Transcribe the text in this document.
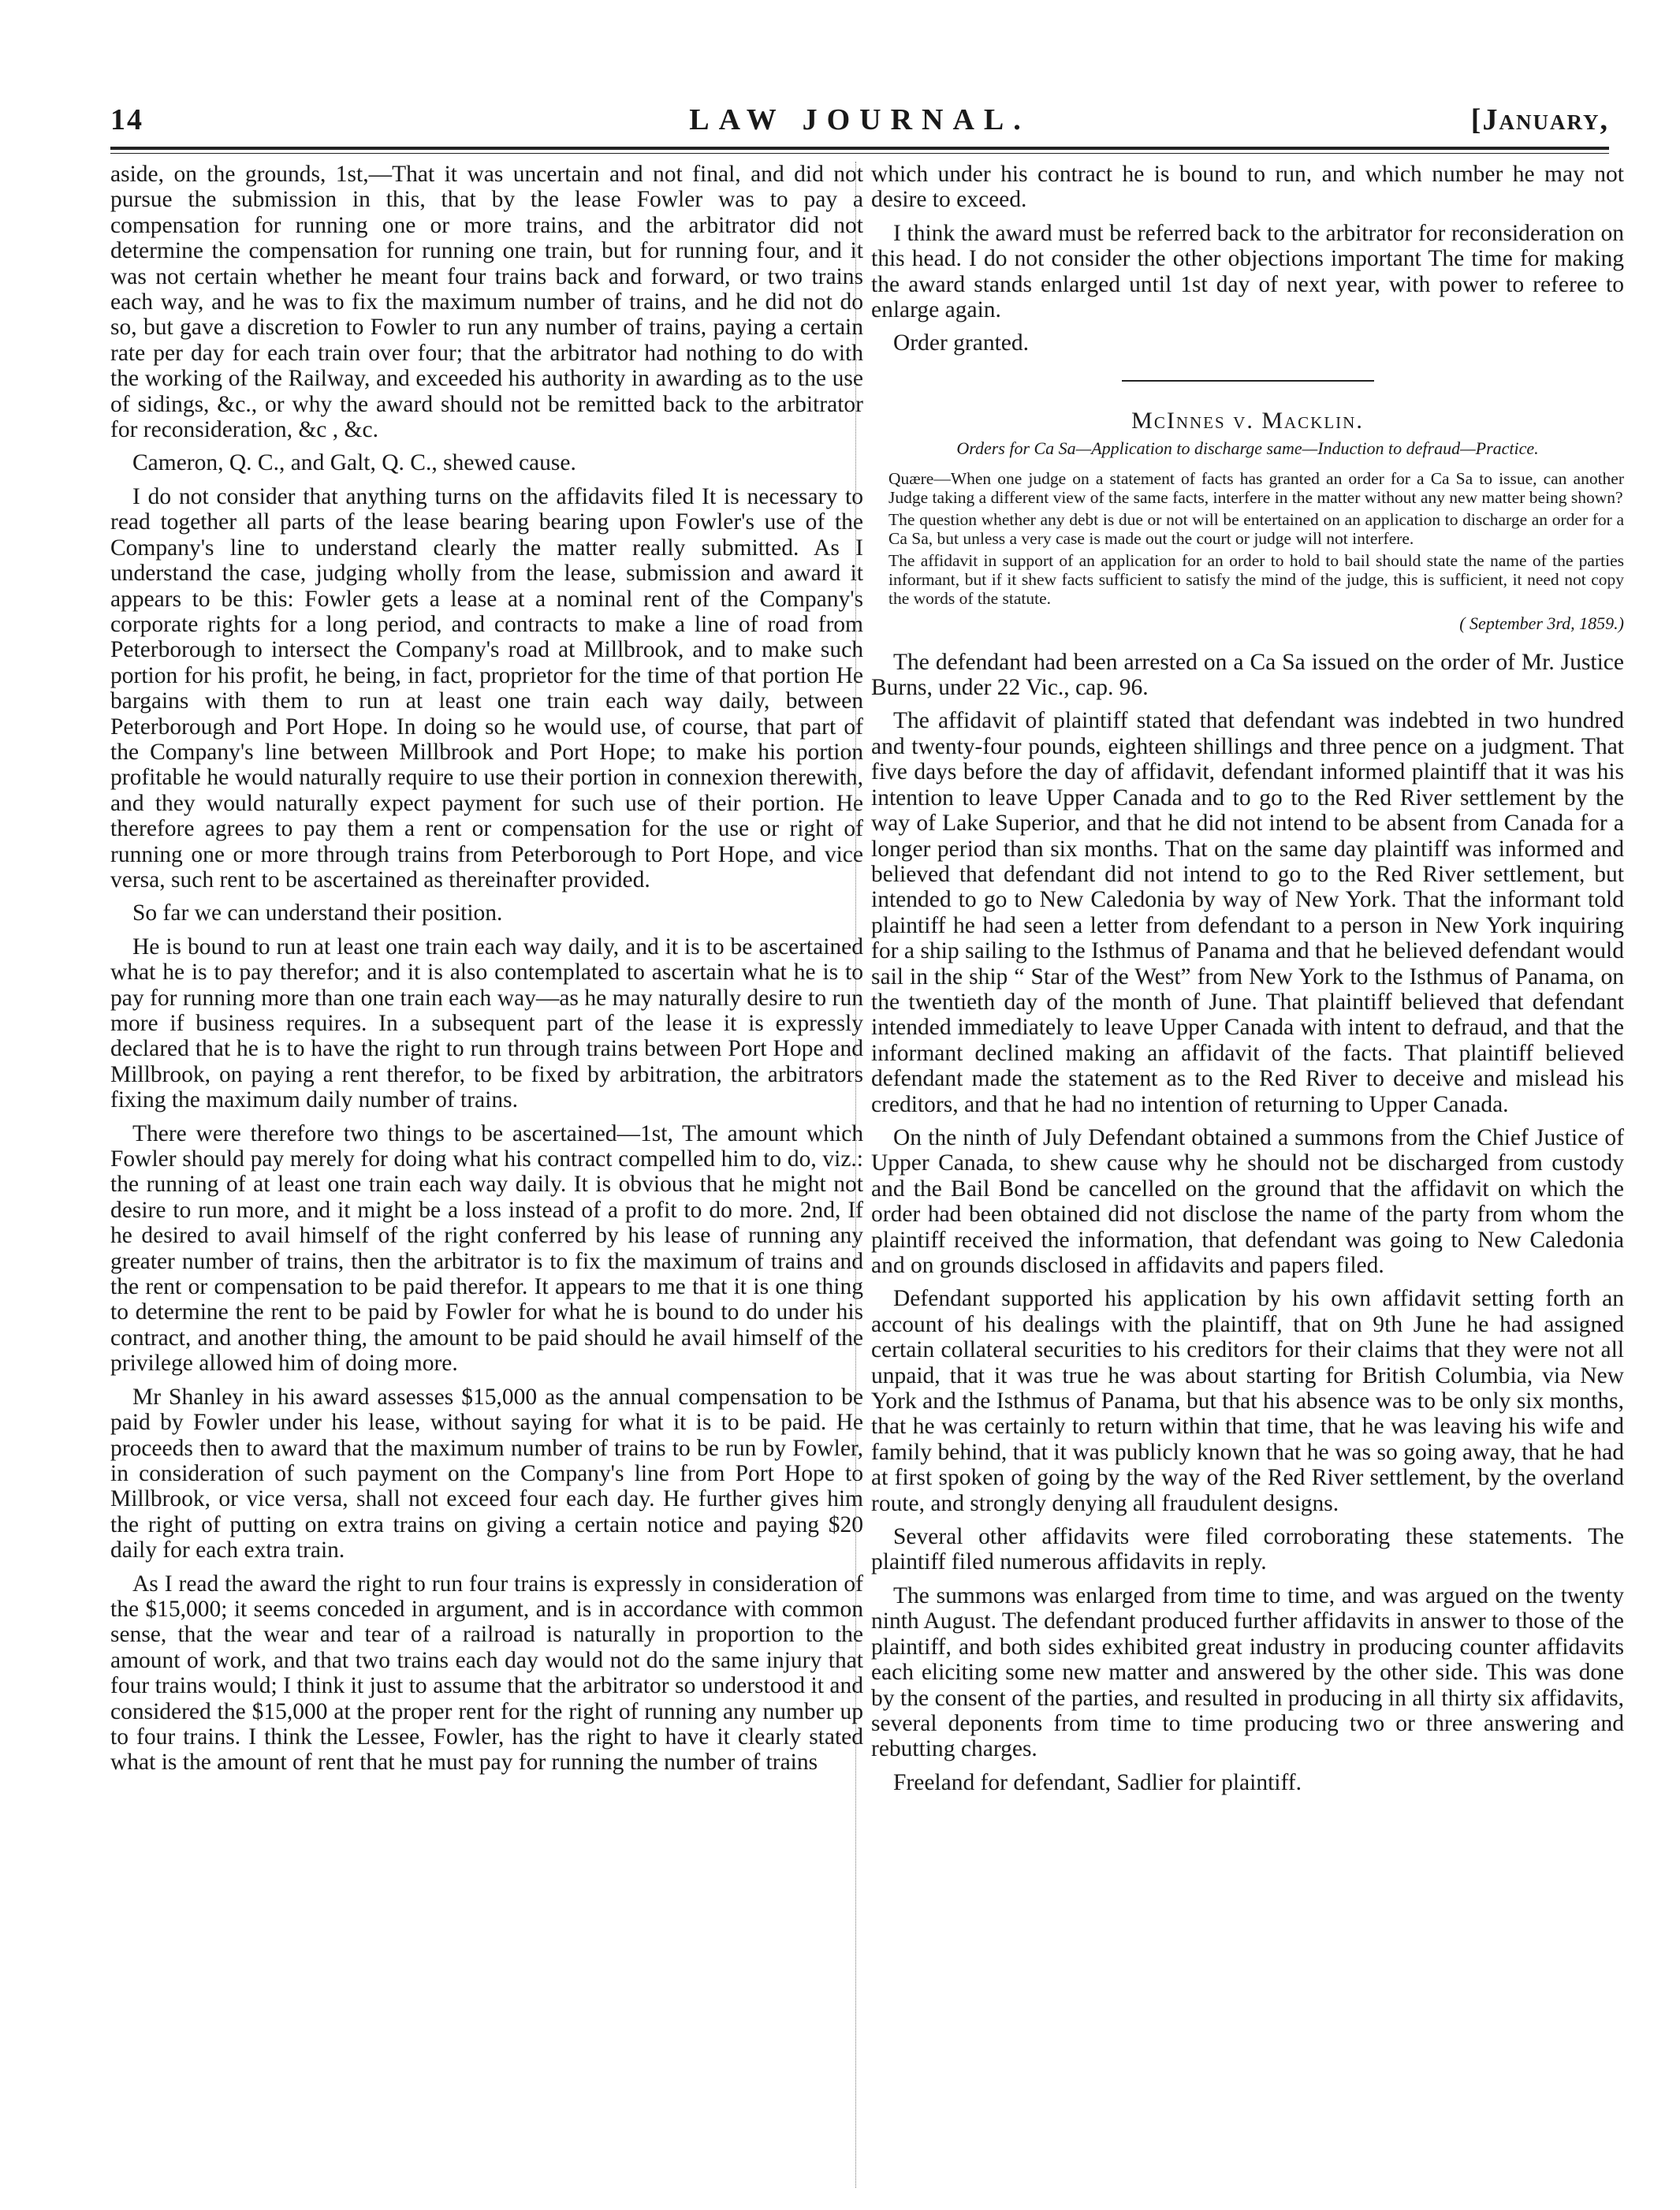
14	LAW JOURNAL.	[January,

aside, on the grounds, 1st,—That it was uncertain and not final, and did not pursue the submission in this, that by the lease Fowler was to pay a compensation for running one or more trains, and the arbitrator did not determine the compensation for running one train, but for running four, and it was not certain whether he meant four trains back and forward, or two trains each way, and he was to fix the maximum number of trains, and he did not do so, but gave a discretion to Fowler to run any number of trains, paying a certain rate per day for each train over four; that the arbitrator had nothing to do with the working of the Railway, and exceeded his authority in awarding as to the use of sidings, &c., or why the award should not be remitted back to the arbitrator for reconsideration, &c , &c.

Cameron, Q. C., and Galt, Q. C., shewed cause.

I do not consider that anything turns on the affidavits filed It is necessary to read together all parts of the lease bearing bearing upon Fowler's use of the Company's line to understand clearly the matter really submitted. As I understand the case, judging wholly from the lease, submission and award it appears to be this: Fowler gets a lease at a nominal rent of the Company's corporate rights for a long period, and contracts to make a line of road from Peterborough to intersect the Company's road at Millbrook, and to make such portion for his profit, he being, in fact, proprietor for the time of that portion He bargains with them to run at least one train each way daily, between Peterborough and Port Hope. In doing so he would use, of course, that part of the Company's line between Millbrook and Port Hope; to make his portion profitable he would naturally require to use their portion in connexion therewith, and they would naturally expect payment for such use of their portion. He therefore agrees to pay them a rent or compensation for the use or right of running one or more through trains from Peterborough to Port Hope, and vice versa, such rent to be ascertained as thereinafter provided.

So far we can understand their position.

He is bound to run at least one train each way daily, and it is to be ascertained what he is to pay therefor; and it is also contemplated to ascertain what he is to pay for running more than one train each way—as he may naturally desire to run more if business requires. In a subsequent part of the lease it is expressly declared that he is to have the right to run through trains between Port Hope and Millbrook, on paying a rent therefor, to be fixed by arbitration, the arbitrators fixing the maximum daily number of trains.

There were therefore two things to be ascertained—1st, The amount which Fowler should pay merely for doing what his contract compelled him to do, viz.: the running of at least one train each way daily. It is obvious that he might not desire to run more, and it might be a loss instead of a profit to do more. 2nd, If he desired to avail himself of the right conferred by his lease of running any greater number of trains, then the arbitrator is to fix the maximum of trains and the rent or compensation to be paid therefor. It appears to me that it is one thing to determine the rent to be paid by Fowler for what he is bound to do under his contract, and another thing, the amount to be paid should he avail himself of the privilege allowed him of doing more.

Mr Shanley in his award assesses $15,000 as the annual compensation to be paid by Fowler under his lease, without saying for what it is to be paid. He proceeds then to award that the maximum number of trains to be run by Fowler, in consideration of such payment on the Company's line from Port Hope to Millbrook, or vice versa, shall not exceed four each day. He further gives him the right of putting on extra trains on giving a certain notice and paying $20 daily for each extra train.

As I read the award the right to run four trains is expressly in consideration of the $15,000; it seems conceded in argument, and is in accordance with common sense, that the wear and tear of a railroad is naturally in proportion to the amount of work, and that two trains each day would not do the same injury that four trains would; I think it just to assume that the arbitrator so understood it and considered the $15,000 at the proper rent for the right of running any number up to four trains. I think the Lessee, Fowler, has the right to have it clearly stated what is the amount of rent that he must pay for running the number of trains

which under his contract he is bound to run, and which number he may not desire to exceed.

I think the award must be referred back to the arbitrator for reconsideration on this head. I do not consider the other objections important The time for making the award stands enlarged until 1st day of next year, with power to referee to enlarge again.

Order granted.

McInnes v. Macklin.
Orders for Ca Sa—Application to discharge same—Induction to defraud—Practice.

Quære—When one judge on a statement of facts has granted an order for a Ca Sa to issue, can another Judge taking a different view of the same facts, interfere in the matter without any new matter being shown?

The question whether any debt is due or not will be entertained on an application to discharge an order for a Ca Sa, but unless a very case is made out the court or judge will not interfere.

The affidavit in support of an application for an order to hold to bail should state the name of the parties informant, but if it shew facts sufficient to satisfy the mind of the judge, this is sufficient, it need not copy the words of the statute.

( September 3rd, 1859.)

The defendant had been arrested on a Ca Sa issued on the order of Mr. Justice Burns, under 22 Vic., cap. 96.

The affidavit of plaintiff stated that defendant was indebted in two hundred and twenty-four pounds, eighteen shillings and three pence on a judgment. That five days before the day of affidavit, defendant informed plaintiff that it was his intention to leave Upper Canada and to go to the Red River settlement by the way of Lake Superior, and that he did not intend to be absent from Canada for a longer period than six months. That on the same day plaintiff was informed and believed that defendant did not intend to go to the Red River settlement, but intended to go to New Caledonia by way of New York. That the informant told plaintiff he had seen a letter from defendant to a person in New York inquiring for a ship sailing to the Isthmus of Panama and that he believed defendant would sail in the ship “ Star of the West” from New York to the Isthmus of Panama, on the twentieth day of the month of June. That plaintiff believed that defendant intended immediately to leave Upper Canada with intent to defraud, and that the informant declined making an affidavit of the facts. That plaintiff believed defendant made the statement as to the Red River to deceive and mislead his creditors, and that he had no intention of returning to Upper Canada.

On the ninth of July Defendant obtained a summons from the Chief Justice of Upper Canada, to shew cause why he should not be discharged from custody and the Bail Bond be cancelled on the ground that the affidavit on which the order had been obtained did not disclose the name of the party from whom the plaintiff received the information, that defendant was going to New Caledonia and on grounds disclosed in affidavits and papers filed.

Defendant supported his application by his own affidavit setting forth an account of his dealings with the plaintiff, that on 9th June he had assigned certain collateral securities to his creditors for their claims that they were not all unpaid, that it was true he was about starting for British Columbia, via New York and the Isthmus of Panama, but that his absence was to be only six months, that he was certainly to return within that time, that he was leaving his wife and family behind, that it was publicly known that he was so going away, that he had at first spoken of going by the way of the Red River settlement, by the overland route, and strongly denying all fraudulent designs.

Several other affidavits were filed corroborating these statements. The plaintiff filed numerous affidavits in reply.

The summons was enlarged from time to time, and was argued on the twenty ninth August. The defendant produced further affidavits in answer to those of the plaintiff, and both sides exhibited great industry in producing counter affidavits each eliciting some new matter and answered by the other side. This was done by the consent of the parties, and resulted in producing in all thirty six affidavits, several deponents from time to time producing two or three answering and rebutting charges.

Freeland for defendant, Sadlier for plaintiff.
